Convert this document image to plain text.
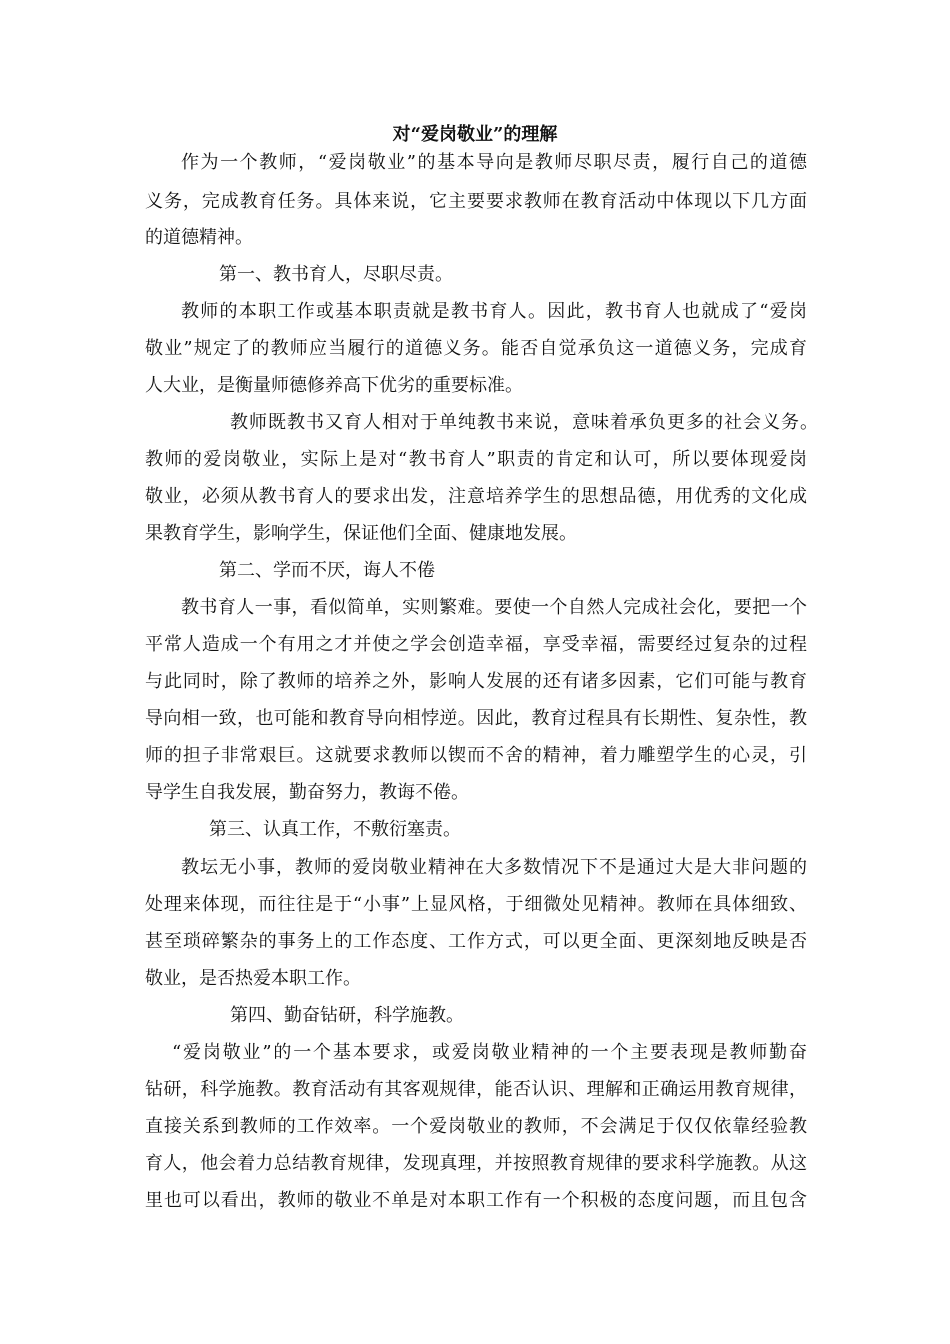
对“爱岗敬业”的理解
作为一个教师，“爱岗敬业”的基本导向是教师尽职尽责，履行自己的道德
义务，完成教育任务。具体来说，它主要要求教师在教育活动中体现以下几方面
的道德精神。
第一、教书育人，尽职尽责。
教师的本职工作或基本职责就是教书育人。因此，教书育人也就成了“爱岗
敬业”规定了的教师应当履行的道德义务。能否自觉承负这一道德义务，完成育
人大业，是衡量师德修养高下优劣的重要标准。
教师既教书又育人相对于单纯教书来说，意味着承负更多的社会义务。
教师的爱岗敬业，实际上是对“教书育人”职责的肯定和认可，所以要体现爱岗
敬业，必须从教书育人的要求出发，注意培养学生的思想品德，用优秀的文化成
果教育学生，影响学生，保证他们全面、健康地发展。
第二、学而不厌，诲人不倦
教书育人一事，看似简单，实则繁难。要使一个自然人完成社会化，要把一个
平常人造成一个有用之才并使之学会创造幸福，享受幸福，需要经过复杂的过程
与此同时，除了教师的培养之外，影响人发展的还有诸多因素，它们可能与教育
导向相一致，也可能和教育导向相悖逆。因此，教育过程具有长期性、复杂性，教
师的担子非常艰巨。这就要求教师以锲而不舍的精神，着力雕塑学生的心灵，引
导学生自我发展，勤奋努力，教诲不倦。
第三、认真工作，不敷衍塞责。
教坛无小事，教师的爱岗敬业精神在大多数情况下不是通过大是大非问题的
处理来体现，而往往是于“小事”上显风格，于细微处见精神。教师在具体细致、
甚至琐碎繁杂的事务上的工作态度、工作方式，可以更全面、更深刻地反映是否
敬业，是否热爱本职工作。
第四、勤奋钻研，科学施教。
“爱岗敬业”的一个基本要求，或爱岗敬业精神的一个主要表现是教师勤奋
钻研，科学施教。教育活动有其客观规律，能否认识、理解和正确运用教育规律，
直接关系到教师的工作效率。一个爱岗敬业的教师，不会满足于仅仅依靠经验教
育人，他会着力总结教育规律，发现真理，并按照教育规律的要求科学施教。从这
里也可以看出，教师的敬业不单是对本职工作有一个积极的态度问题，而且包含
